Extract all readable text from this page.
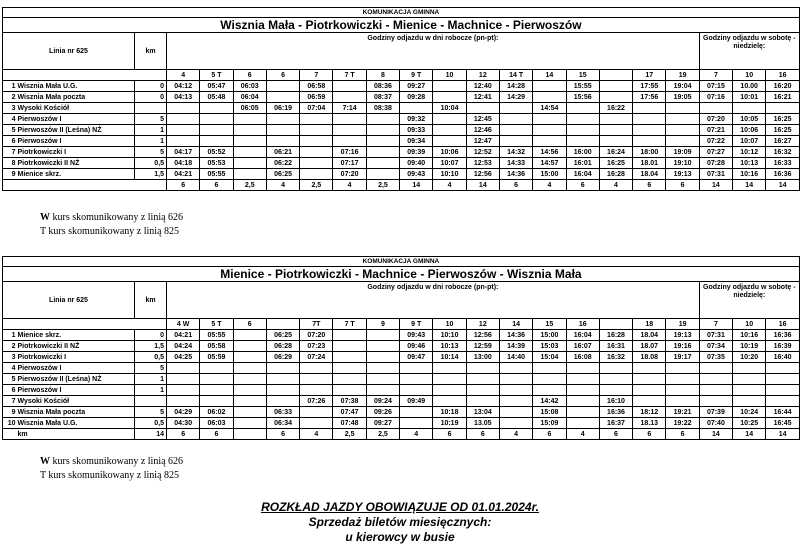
KOMUNIKACJA GMINNA																					
Wisznia Mała - Piotrkowiczki - Mienice - Machnice - Pierwoszów																					
Linia nr 625		km	Godziny odjazdu w dni robocze (pn-pt):																Godziny odjazdu w sobotę - niedzielę:		
			4	5 T	6	6	7	7 T	8	9 T	10	12	14 T	14	15		17	19	7	10	16
1	Wisznia Mała U.G.	0	04:12	05:47	06:03		06:58		08:36	09:27		12:40	14:28		15:55		17:55	19:04	07:15	10.00	16:20
2	Wisznia Mała poczta	0	04:13	05:48	06:04		06:59		08:37	09:28		12:41	14:29		15:56		17:56	19:05	07:16	10:01	16:21
3	Wysoki Kościół				06:05	06:19	07:04	7:14	08:38		10:04			14:54		16:22					
4	Pierwoszów I	5								09:32		12:45							07:20	10:05	16:25
5	Pierwoszów II (Leśna) NŻ	1								09:33		12:46							07:21	10:06	16:25
6	Pierwoszów I	1								09:34		12:47							07:22	10:07	16:27
7	Piotrkowiczki I	5	04:17	05:52		06:21		07:16		09:39	10:06	12:52	14:32	14:56	16:00	16:24	18:00	19:09	07:27	10:12	16:32
8	Piotrkowiczki II NŻ	0,5	04:18	05:53		06:22		07:17		09:40	10:07	12:53	14:33	14:57	16:01	16:25	18.01	19:10	07:28	10:13	16:33
9	Mienice skrz.	1,5	04:21	05:55		06:25		07:20		09:43	10:10	12:56	14:36	15:00	16:04	16:28	18.04	19:13	07:31	10:16	16:36
			6	6	2,5	4	2,5	4	2,5	14	4	14	6	4	6	4	6	6	14	14	14
W kurs skomunikowany z linią 626
T kurs skomunikowany z linią 825
KOMUNIKACJA GMINNA																					
Mienice - Piotrkowiczki - Machnice - Pierwoszów - Wisznia Mała																					
Linia nr 625		km	Godziny odjazdu w dni robocze (pn-pt):																Godziny odjazdu w sobotę - niedzielę:		
			4 W	5 T	6		7T	7 T	9	9 T	10	12	14	15	16		18	19	7	10	16
1	Mienice skrz.	0	04:21	05:55		06:25	07:20			09:43	10:10	12:56	14:36	15:00	16:04	16:28	18.04	19:13	07:31	10:16	16:36
2	Piotrkowiczki II NŻ	1,5	04:24	05:58		06:28	07:23			09:46	10:13	12:59	14:39	15:03	16:07	16:31	18.07	19:16	07:34	10:19	16:39
3	Piotrkowiczki I	0,5	04:25	05:59		06:29	07:24			09:47	10:14	13:00	14:40	15:04	16:08	16:32	18.08	19:17	07:35	10:20	16:40
4	Pierwoszów I	5																			
5	Pierwoszów II (Leśna) NŻ	1																			
6	Pierwoszów I	1																			
7	Wysoki Kościół						07:26	07:38	09:24	09:49				14:42		16:10					
9	Wisznia Mała poczta	5	04:29	06:02		06:33		07:47	09:26		10:18	13:04		15:08		16:36	18:12	19:21	07:39	10:24	16:44
10	Wisznia Mała U.G.	0,5	04:30	06:03		06:34		07:48	09:27		10:19	13.05		15:09		16:37	18.13	19:22	07:40	10:25	16:45
	km	14	6	6		6	4	2,5	2,5	4	6	6	4	6	4	6	6	6	14	14	14
W kurs skomunikowany z linią 626
T kurs skomunikowany z linią 825
ROZKŁAD JAZDY OBOWIĄZUJE OD 01.01.2024r.
Sprzedaż biletów miesięcznych:
u kierowcy w busie
